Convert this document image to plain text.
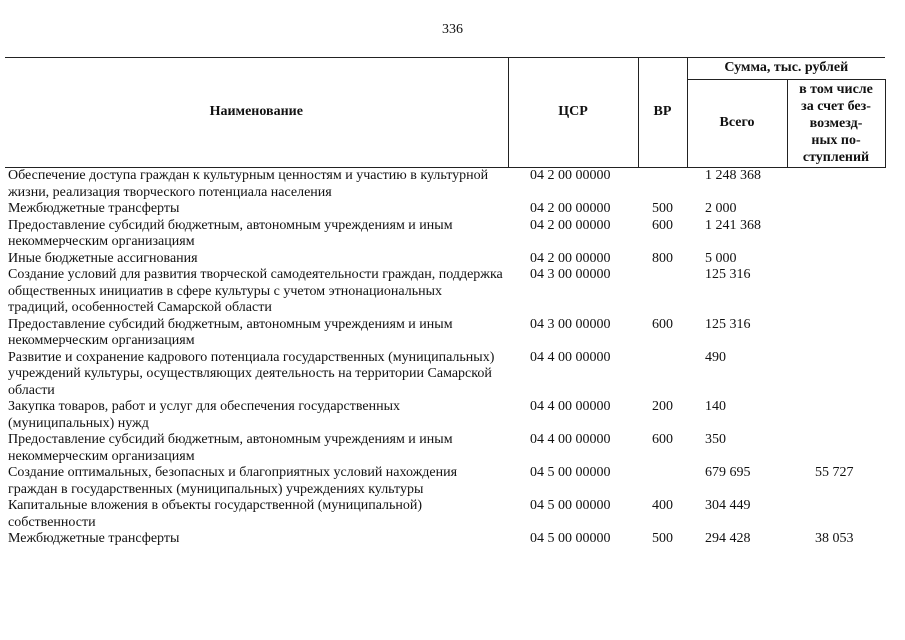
336
Наименование	ЦСР	ВР	Сумма, тыс. рублей	
			Всего	в том числе
за счет без-
возмезд-
ных по-
ступлений

Обеспечение доступа граждан к культурным ценностям и участию в культурной жизни, реализация творческого потенциала населения	04 2 00 00000		1 248 368	
Межбюджетные трансферты	04 2 00 00000	500	2 000	
Предоставление субсидий бюджетным, автономным учреждениям и иным некоммерческим организациям	04 2 00 00000	600	1 241 368	
Иные бюджетные ассигнования	04 2 00 00000	800	5 000	
Создание условий для развития творческой самодеятельности граждан, поддержка общественных инициатив в сфере культуры с учетом этнонациональных традиций, особенностей Самарской области	04 3 00 00000		125 316	
Предоставление субсидий бюджетным, автономным учреждениям и иным некоммерческим организациям	04 3 00 00000	600	125 316	
Развитие и сохранение кадрового потенциала государственных (муниципальных) учреждений культуры, осуществляющих деятельность на территории Самарской области	04 4 00 00000		490	
Закупка товаров, работ и услуг для обеспечения государственных (муниципальных) нужд	04 4 00 00000	200	140	
Предоставление субсидий бюджетным, автономным учреждениям и иным некоммерческим организациям	04 4 00 00000	600	350	
Создание оптимальных, безопасных и благоприятных условий нахождения граждан в государственных (муниципальных) учреждениях культуры	04 5 00 00000		679 695	55 727
Капитальные вложения в объекты государственной (муниципальной) собственности	04 5 00 00000	400	304 449	
Межбюджетные трансферты	04 5 00 00000	500	294 428	38 053
